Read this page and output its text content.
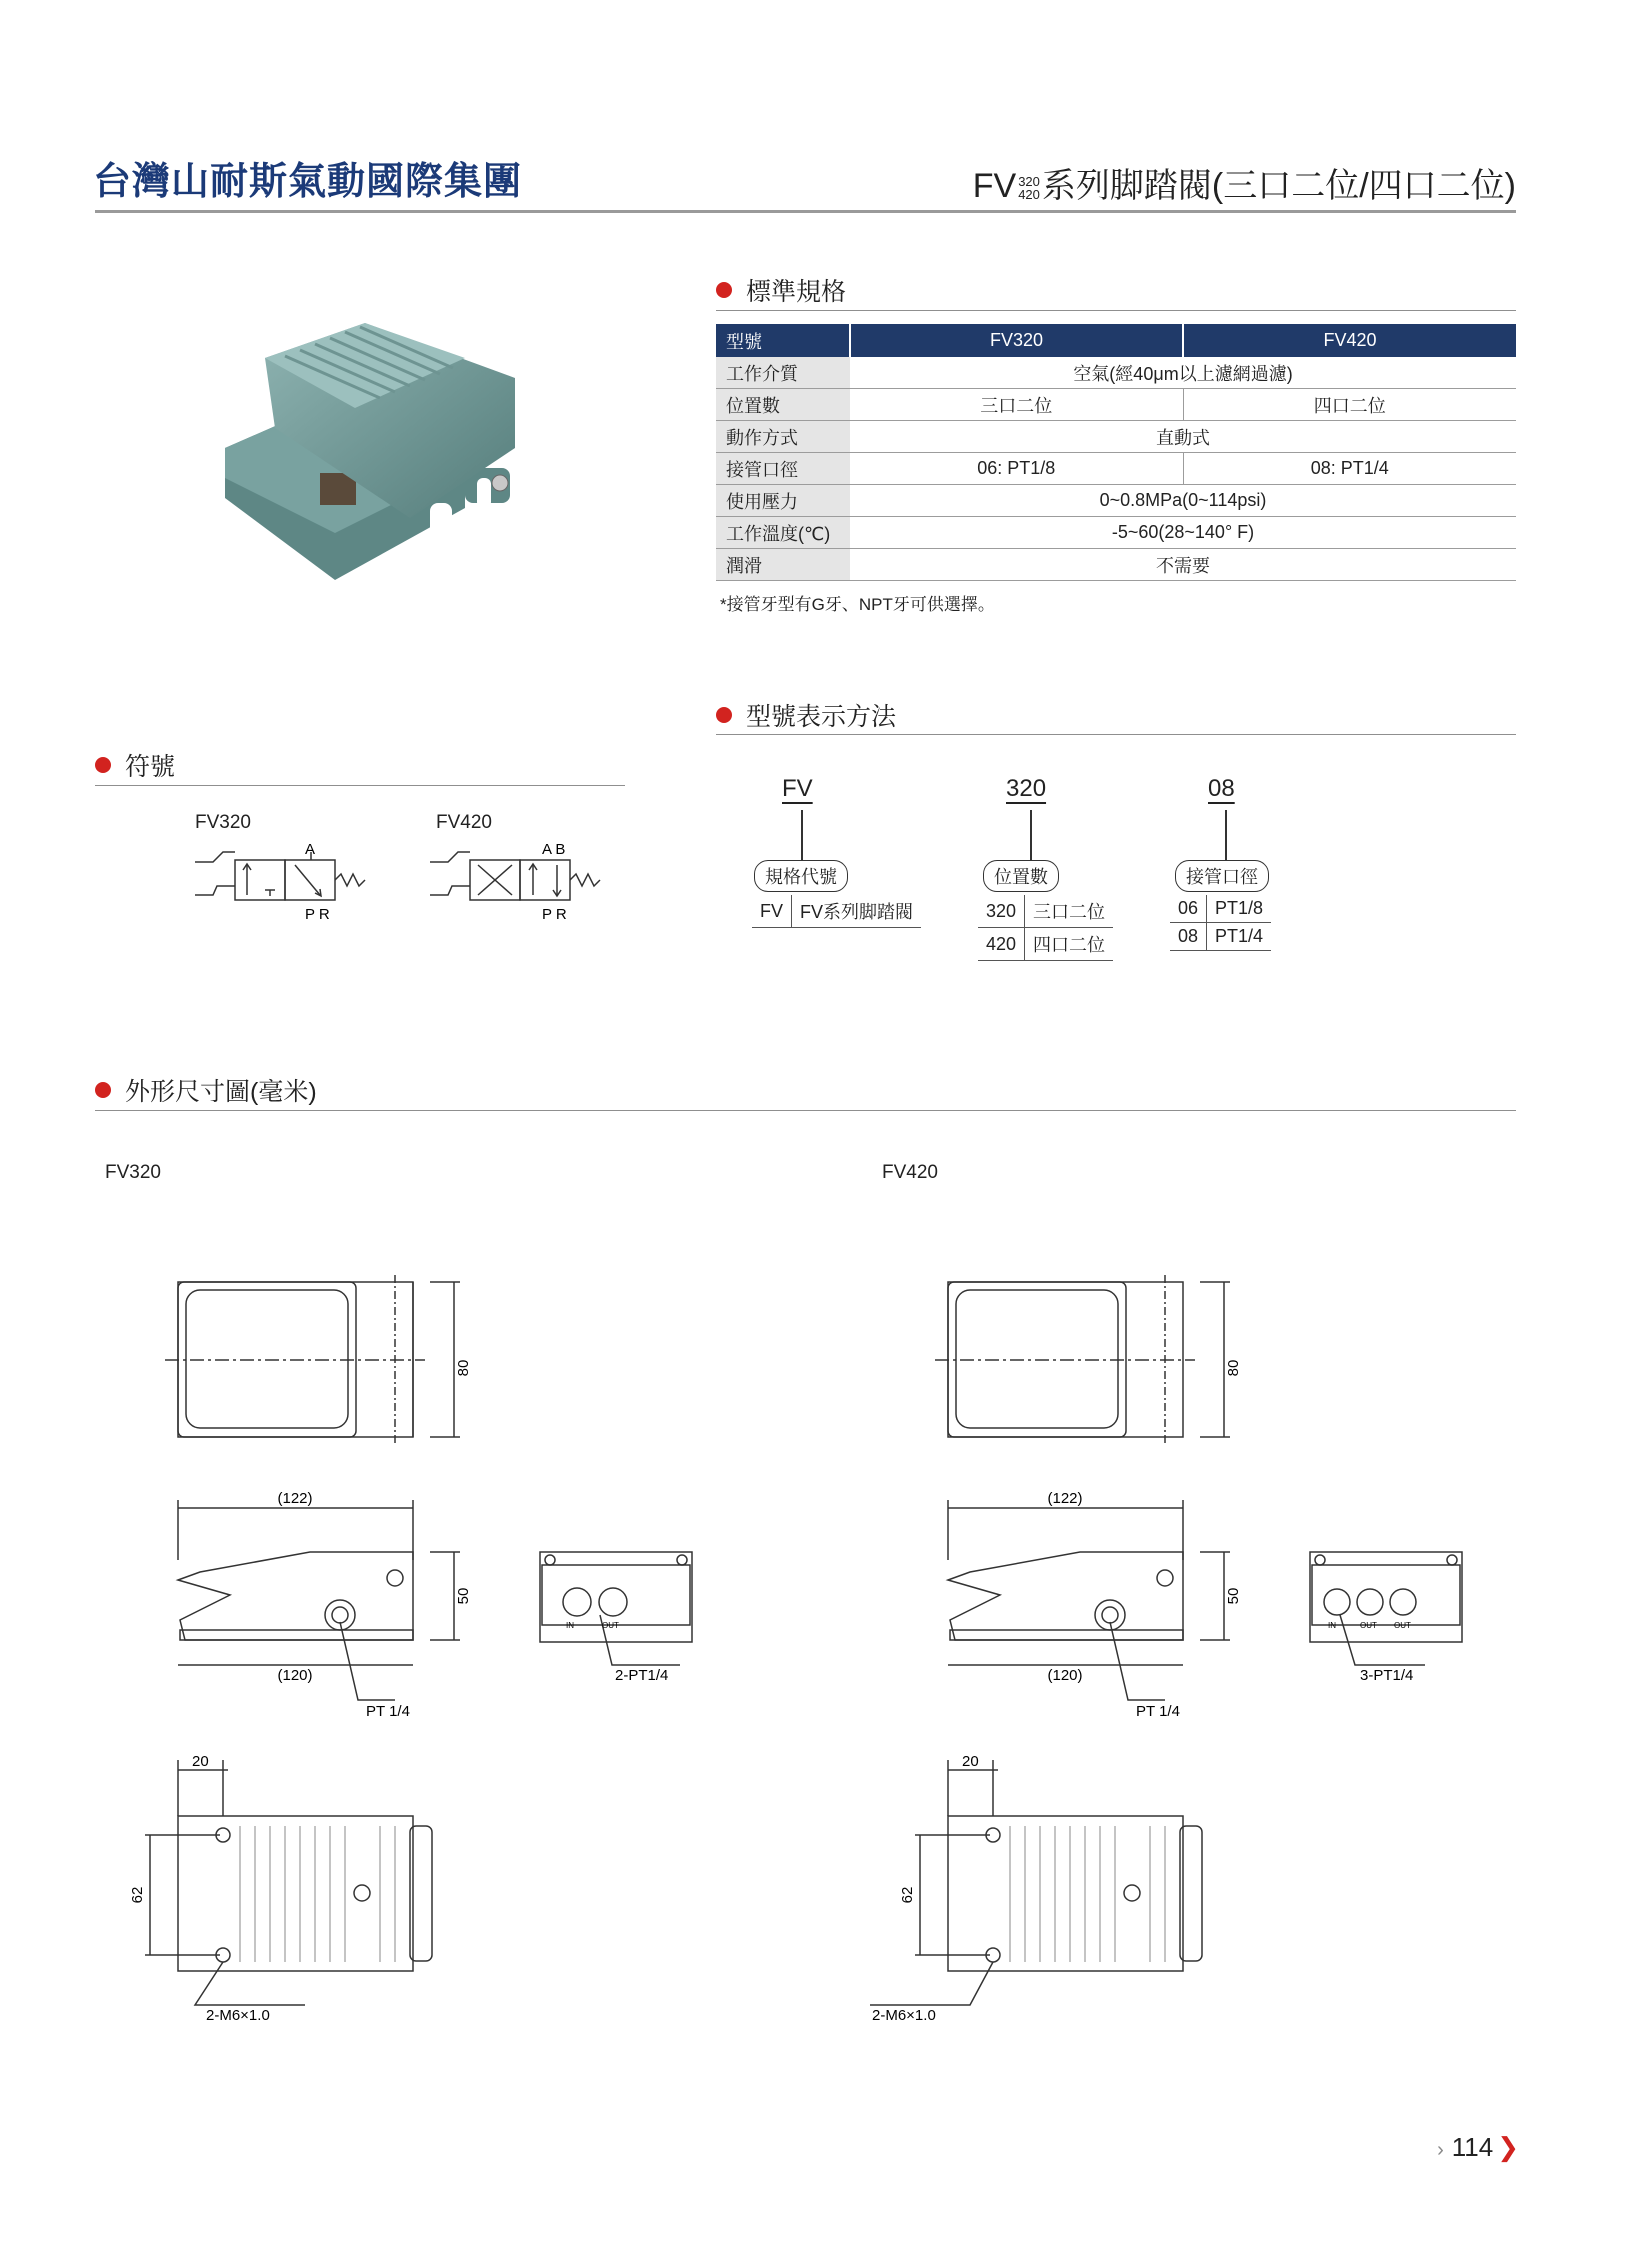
台灣山耐斯氣動國際集團	FV 320
420系列脚踏閥(三口二位/四口二位)
標準規格
型號	FV320	FV420
工作介質	空氣(經40μm以上濾網過濾)	
位置數	三口二位	四口二位
動作方式	直動式	
接管口徑	06: PT1/8	08: PT1/4
使用壓力	0~0.8MPa(0~114psi)	
工作溫度(℃)	-5~60(28~140° F)	
潤滑	不需要	
*接管牙型有G牙、NPT牙可供選擇。
型號表示方法
FV
規格代號
FV	FV系列脚踏閥
320
位置數
320	三口二位
420	四口二位
08
接管口徑
06	PT1/8
08	PT1/4
符號
FV320	FV420
A
P R
A B
P R
外形尺寸圖(毫米)
FV320	FV420
80
(122)
50
(120)
PT 1/4
2-PT1/4
IN	OUT
20
62
2-M6×1.0
80
(122)
50
(120)
PT 1/4
3-PT1/4
IN	OUT OUT
20
62
2-M6×1.0
› 114 ❯
